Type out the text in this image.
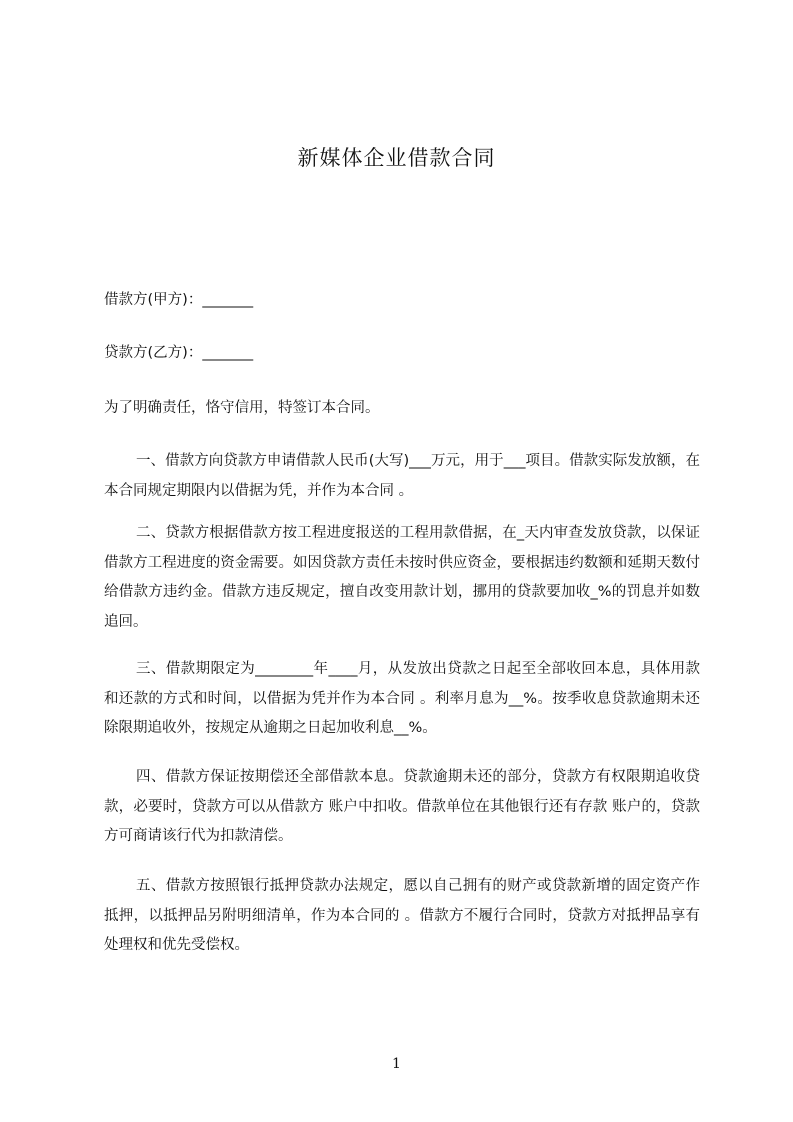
新媒体企业借款合同

借款方(甲方)：_______

贷款方(乙方)：_______

为了明确责任，恪守信用，特签订本合同。

一、借款方向贷款方申请借款人民币(大写)___万元，用于___项目。借款实际发放额，在本合同规定期限内以借据为凭，并作为本合同 。

二、贷款方根据借款方按工程进度报送的工程用款借据，在_天内审查发放贷款，以保证借款方工程进度的资金需要。如因贷款方责任未按时供应资金，要根据违约数额和延期天数付给借款方违约金。借款方违反规定，擅自改变用款计划，挪用的贷款要加收_%的罚息并如数追回。

三、借款期限定为________年____月，从发放出贷款之日起至全部收回本息，具体用款和还款的方式和时间，以借据为凭并作为本合同 。利率月息为__%。按季收息贷款逾期未还除限期追收外，按规定从逾期之日起加收利息__%。

四、借款方保证按期偿还全部借款本息。贷款逾期未还的部分，贷款方有权限期追收贷款，必要时，贷款方可以从借款方 账户中扣收。借款单位在其他银行还有存款 账户的，贷款方可商请该行代为扣款清偿。

五、借款方按照银行抵押贷款办法规定，愿以自己拥有的财产或贷款新增的固定资产作抵押，以抵押品另附明细清单，作为本合同的 。借款方不履行合同时，贷款方对抵押品享有处理权和优先受偿权。

1
